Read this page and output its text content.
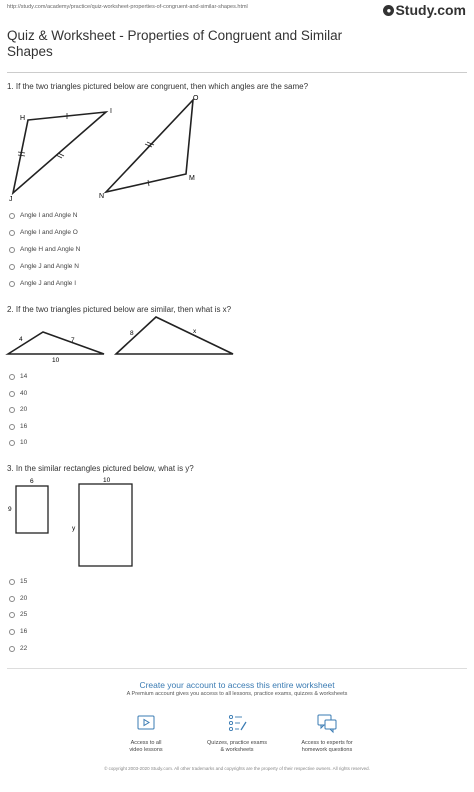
http://study.com/academy/practice/quiz-worksheet-properties-of-congruent-and-similar-shapes.html	● Study.com
Quiz & Worksheet - Properties of Congruent and Similar Shapes
1. If the two triangles pictured below are congruent, then which angles are the same?
H
I
J
O
M
N
Angle I and Angle N
Angle I and Angle O
Angle H and Angle N
Angle J and Angle N
Angle J and Angle I
2. If the two triangles pictured below are similar, then what is x?
4	7
10
8	x
14
40
20
16
10
3. In the similar rectangles pictured below, what is y?
6
9
10
y
15
20
25
16
22
Create your account to access this entire worksheet
A Premium account gives you access to all lessons, practice exams, quizzes & worksheets
Access to all
video lessons
Quizzes, practice exams
& worksheets
Access to experts for
homework questions
© copyright 2003-2020 Study.com. All other trademarks and copyrights are the property of their respective owners. All rights reserved.
